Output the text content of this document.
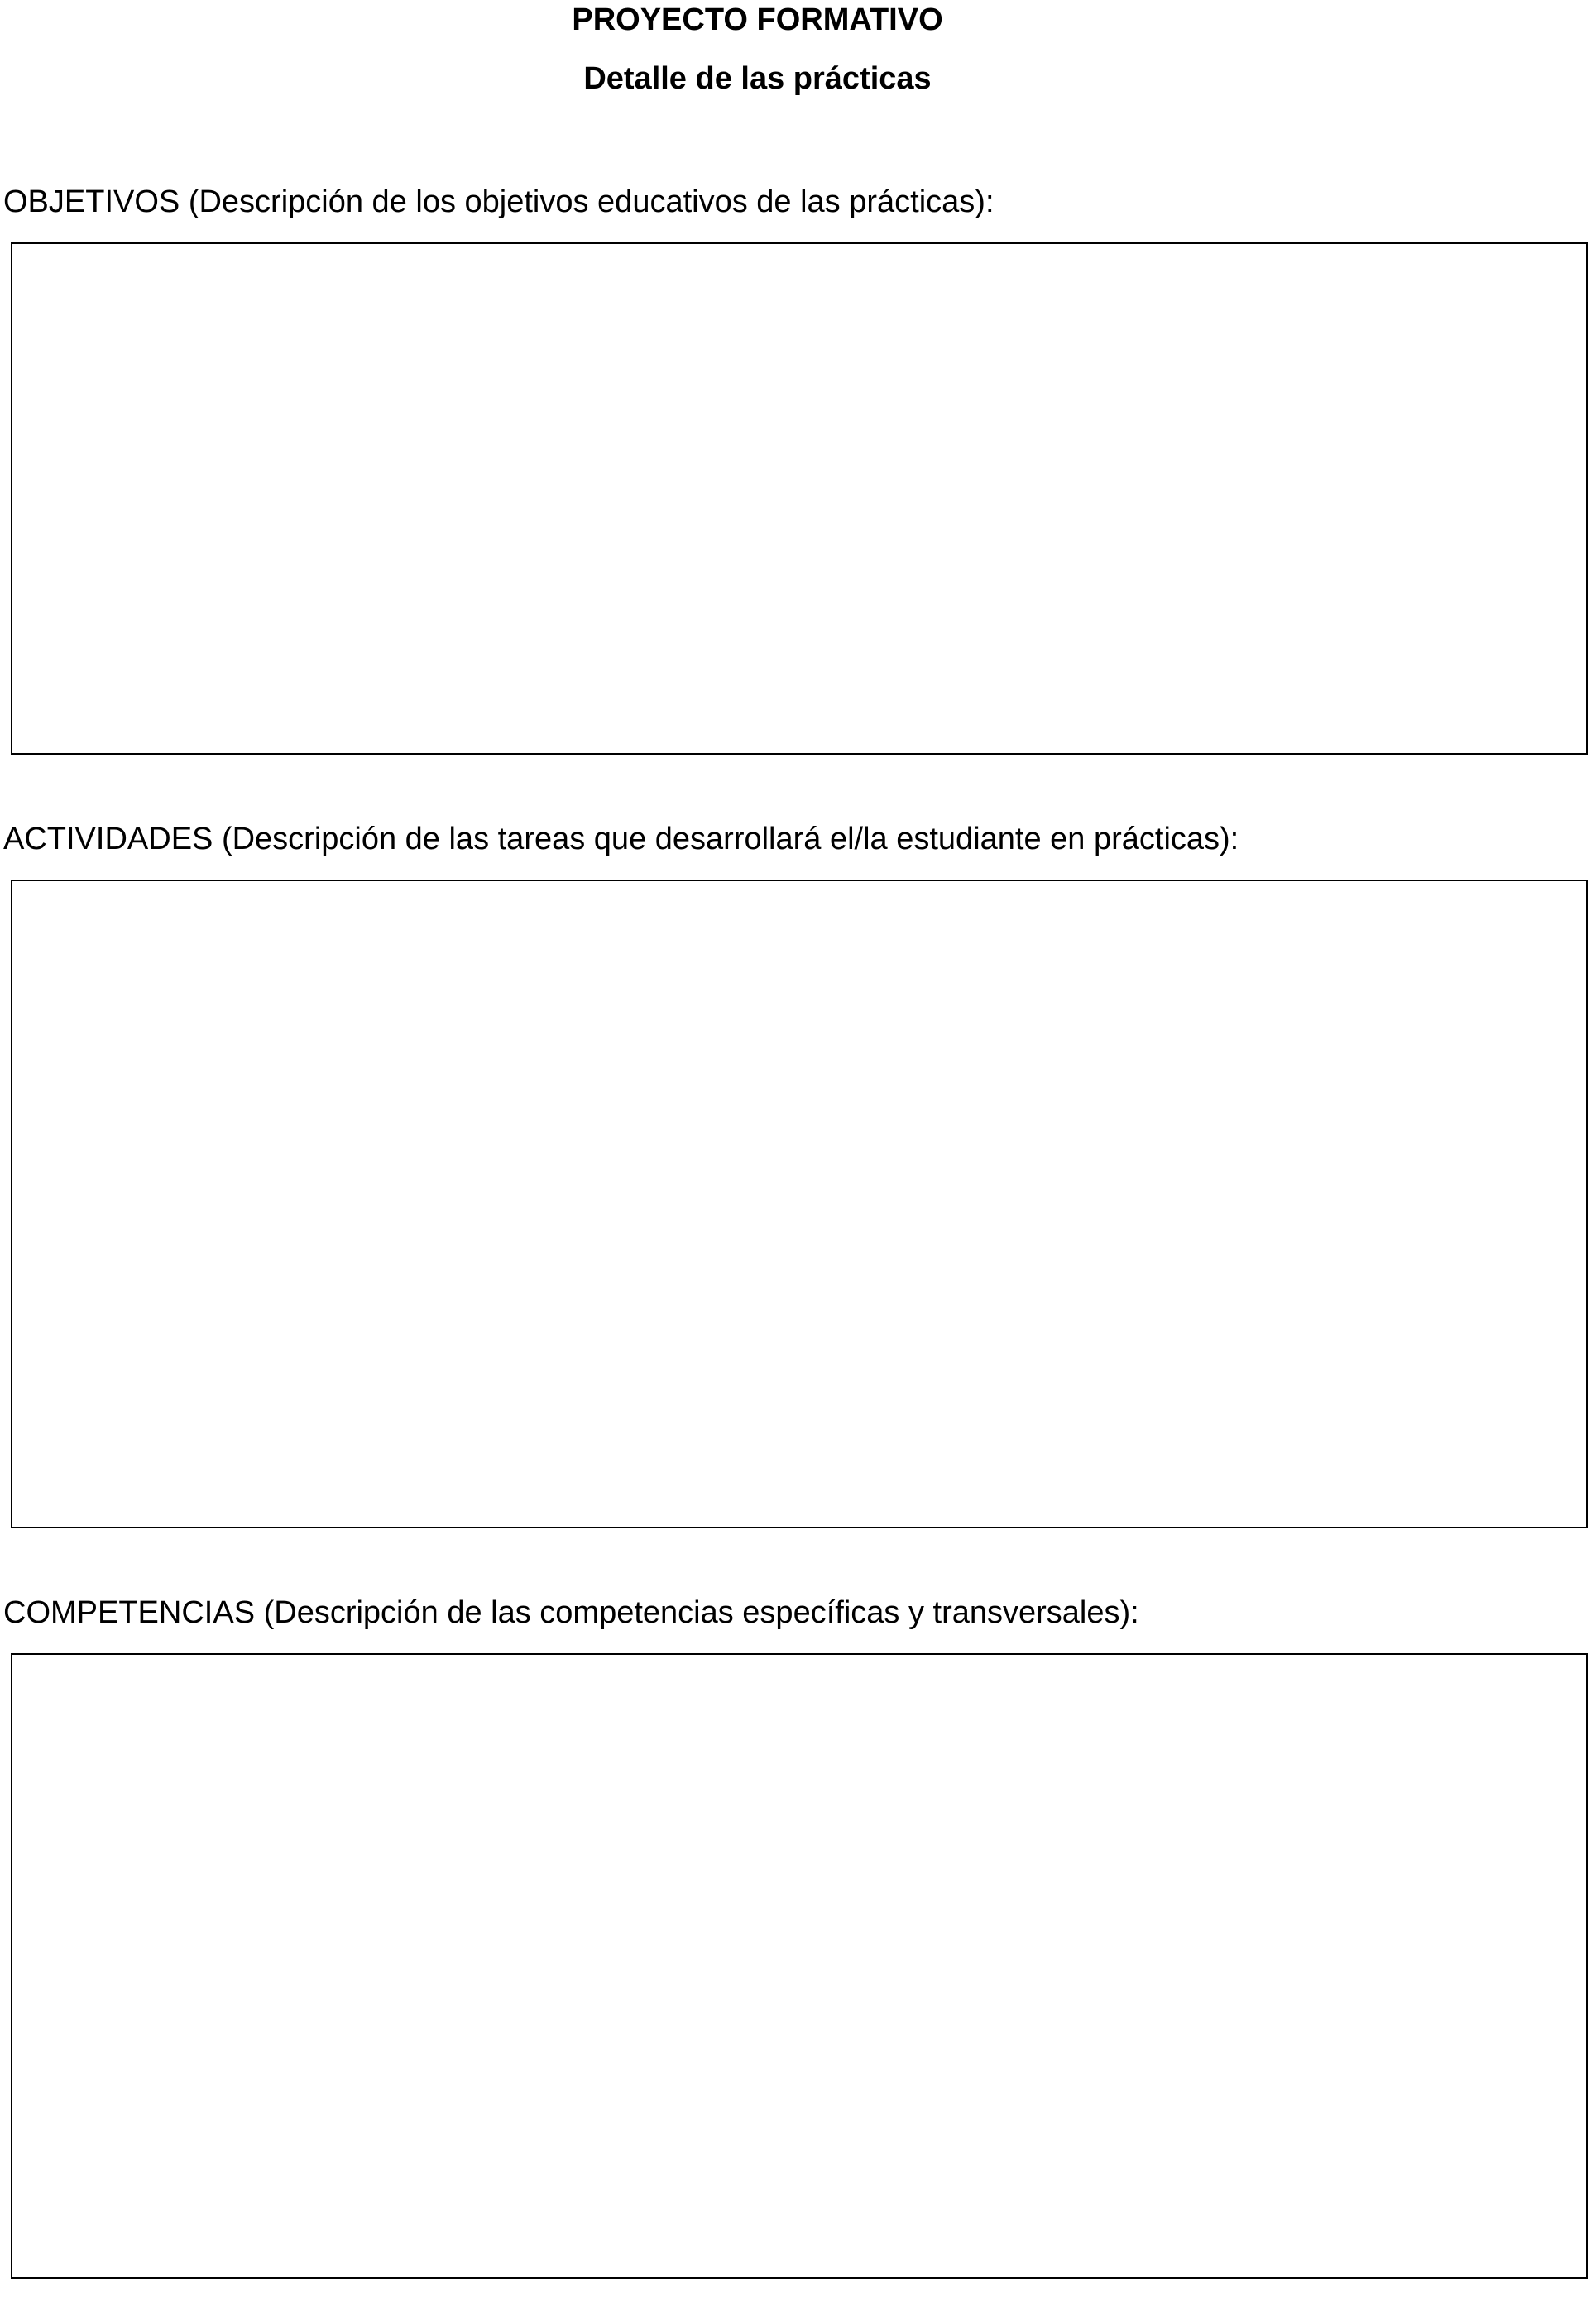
PROYECTO FORMATIVO
Detalle de las prácticas

OBJETIVOS (Descripción de los objetivos educativos de las prácticas):

ACTIVIDADES (Descripción de las tareas que desarrollará el/la estudiante en prácticas):

COMPETENCIAS (Descripción de las competencias específicas y transversales):
